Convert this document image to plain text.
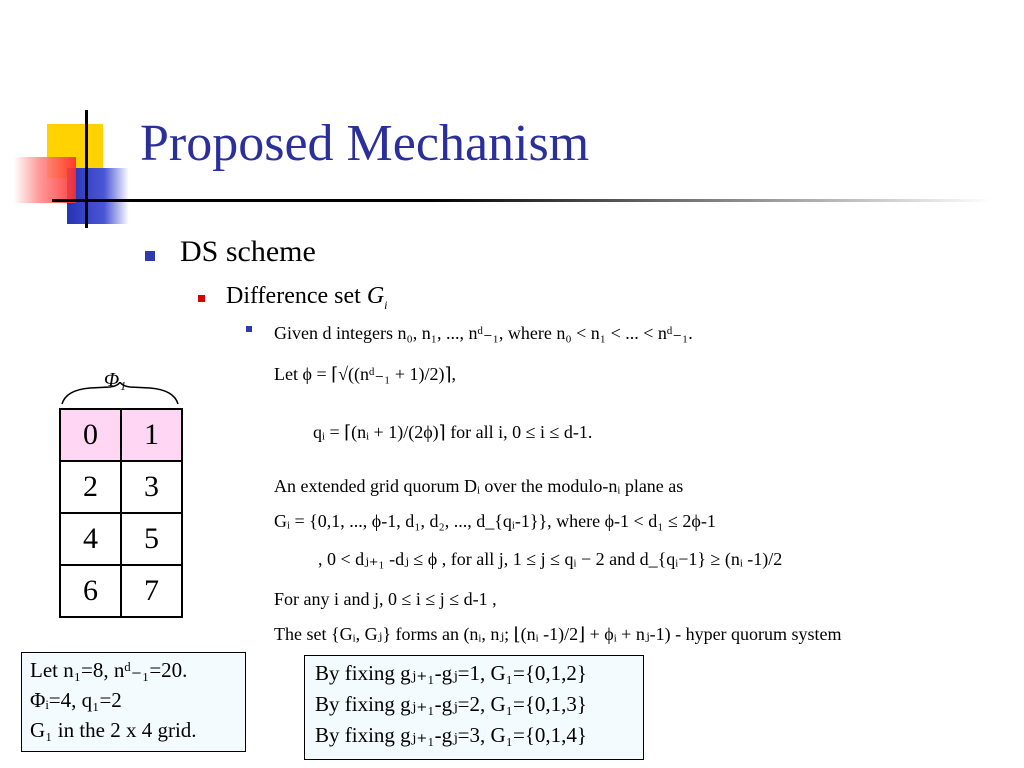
Proposed Mechanism
DS scheme
Difference set $G_i$
Given d integers n₀, n₁, ..., nᵈ₋₁, where n₀ < n₁ < ... < nᵈ₋₁.
Let ϕ = ⌈√((nᵈ₋₁ + 1)/2)⌉,
qᵢ = ⌈(nᵢ + 1)/(2ϕ)⌉ for all i, 0 ≤ i ≤ d-1.
An extended grid quorum Dᵢ over the modulo-nᵢ plane as
Gᵢ = {0,1, ..., ϕ-1, d₁, d₂, ..., d_{qᵢ-1}}, where ϕ-1 < d₁ ≤ 2ϕ-1
, 0 < dⱼ₊₁ -dⱼ ≤ ϕ , for all j, 1 ≤ j ≤ qᵢ − 2 and d_{qᵢ−1} ≥ (nᵢ -1)/2
For any i and j, 0 ≤ i ≤ j ≤ d-1 ,
The set {Gᵢ, Gⱼ} forms an (nᵢ, nⱼ; ⌊(nᵢ -1)/2⌋ + ϕᵢ + nⱼ-1) - hyper quorum system
Φ₁
0	1
2	3
4	5
6	7
Let n₁=8, nᵈ₋₁=20.
Φᵢ=4, q₁=2
G₁ in the 2 x 4 grid.
By fixing gⱼ₊₁-gⱼ=1, G₁={0,1,2}
By fixing gⱼ₊₁-gⱼ=2, G₁={0,1,3}
By fixing gⱼ₊₁-gⱼ=3, G₁={0,1,4}
